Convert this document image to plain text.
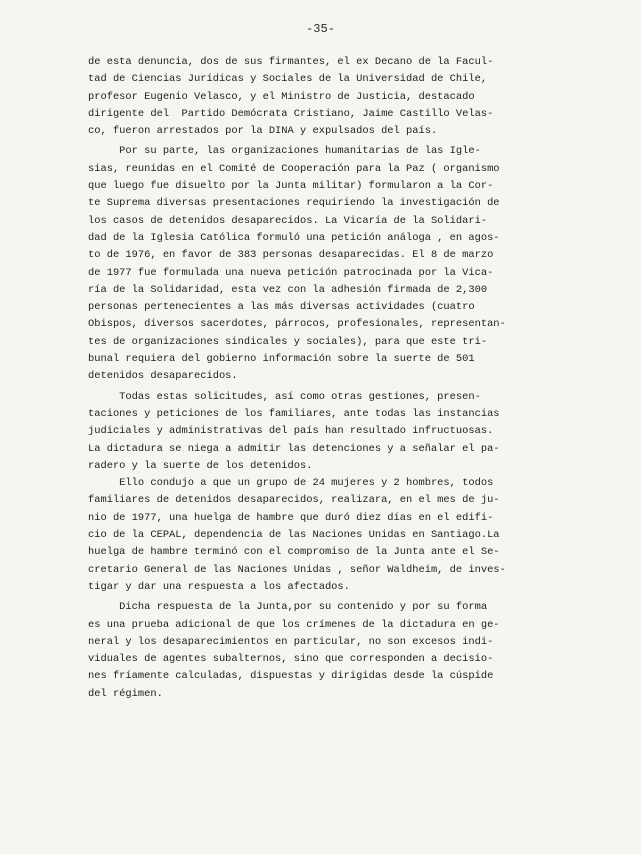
-35-
de esta denuncia, dos de sus firmantes, el ex Decano de la Facul-
tad de Ciencias Jurídicas y Sociales de la Universidad de Chile,
profesor Eugenio Velasco, y el Ministro de Justicia, destacado
dirigente del  Partido Demócrata Cristiano, Jaime Castillo Velas-
co, fueron arrestados por la DINA y expulsados del país.
Por su parte, las organizaciones humanitarias de las Igle-
sias, reunidas en el Comité de Cooperación para la Paz ( organismo
que luego fue disuelto por la Junta militar) formularon a la Cor-
te Suprema diversas presentaciones requiriendo la investigación de
los casos de detenidos desaparecidos. La Vicaría de la Solidari-
dad de la Iglesia Católica formuló una petición análoga , en agos-
to de 1976, en favor de 383 personas desaparecidas. El 8 de marzo
de 1977 fue formulada una nueva petición patrocinada por la Vica-
ría de la Solidaridad, esta vez con la adhesión firmada de 2,300
personas pertenecientes a las más diversas actividades (cuatro
Obispos, diversos sacerdotes, párrocos, profesionales, representan-
tes de organizaciones sindicales y sociales), para que este tri-
bunal requiera del gobierno información sobre la suerte de 501
detenidos desaparecidos.
Todas estas solicitudes, así como otras gestiones, presen-
taciones y peticiones de los familiares, ante todas las instancias
judiciales y administrativas del país han resultado infructuosas.
La dictadura se niega a admitir las detenciones y a señalar el pa-
radero y la suerte de los detenidos.
Ello condujo a que un grupo de 24 mujeres y 2 hombres, todos
familiares de detenidos desaparecidos, realizara, en el mes de ju-
nio de 1977, una huelga de hambre que duró diez días en el edifi-
cio de la CEPAL, dependencia de las Naciones Unidas en Santiago.La
huelga de hambre terminó con el compromiso de la Junta ante el Se-
cretario General de las Naciones Unidas , señor Waldheim, de inves-
tigar y dar una respuesta a los afectados.
Dicha respuesta de la Junta,por su contenido y por su forma
es una prueba adicional de que los crímenes de la dictadura en ge-
neral y los desaparecimientos en particular, no son excesos indi-
viduales de agentes subalternos, sino que corresponden a decisio-
nes fríamente calculadas, dispuestas y dirigidas desde la cúspide
del régimen.
